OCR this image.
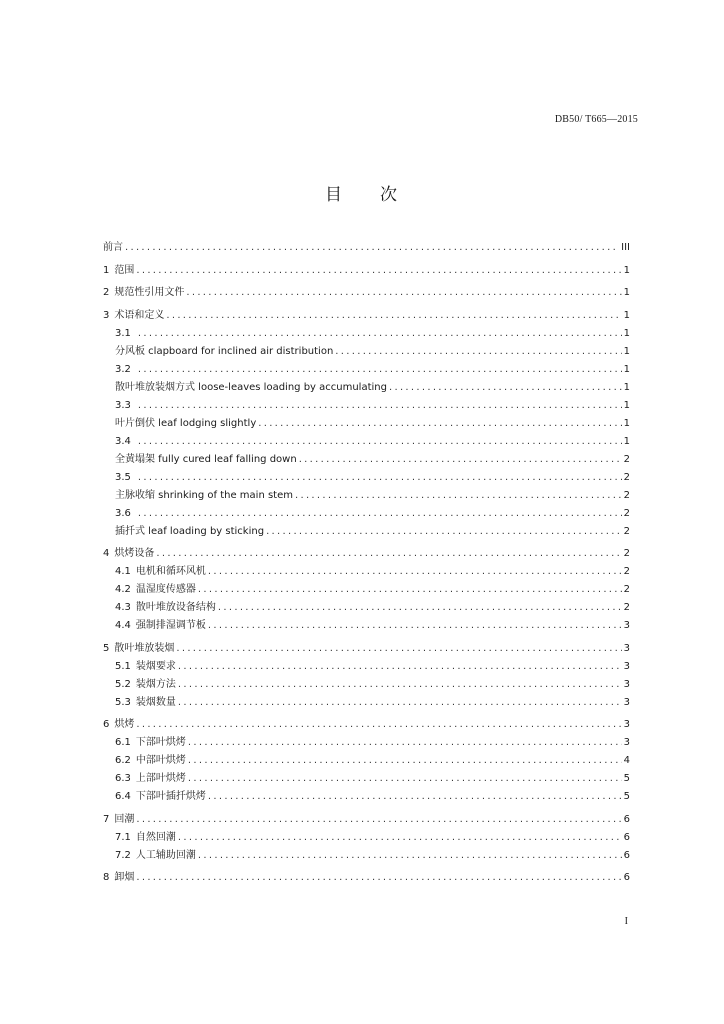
DB50/ T665—2015
目 次
前言 .....	III
1 范围 .....	1
2 规范性引用文件 .....	1
3 术语和定义 .....	1
3.1 .....	1
分风板 clapboard for inclined air distribution .....	1
3.2 .....	1
散叶堆放装烟方式 loose-leaves loading by accumulating .....	1
3.3 .....	1
叶片倒伏 leaf lodging slightly .....	1
3.4 .....	1
全黄塌架 fully cured leaf falling down .....	2
3.5 .....	2
主脉收缩 shrinking of the main stem .....	2
3.6 .....	2
插扦式 leaf loading by sticking .....	2
4 烘烤设备 .....	2
4.1 电机和循环风机 .....	2
4.2 温湿度传感器 .....	2
4.3 散叶堆放设备结构 .....	2
4.4 强制排湿调节板 .....	3
5 散叶堆放装烟 .....	3
5.1 装烟要求 .....	3
5.2 装烟方法 .....	3
5.3 装烟数量 .....	3
6 烘烤 .....	3
6.1 下部叶烘烤 .....	3
6.2 中部叶烘烤 .....	4
6.3 上部叶烘烤 .....	5
6.4 下部叶插扦烘烤 .....	5
7 回潮 .....	6
7.1 自然回潮 .....	6
7.2 人工辅助回潮 .....	6
8 卸烟 .....	6
I
